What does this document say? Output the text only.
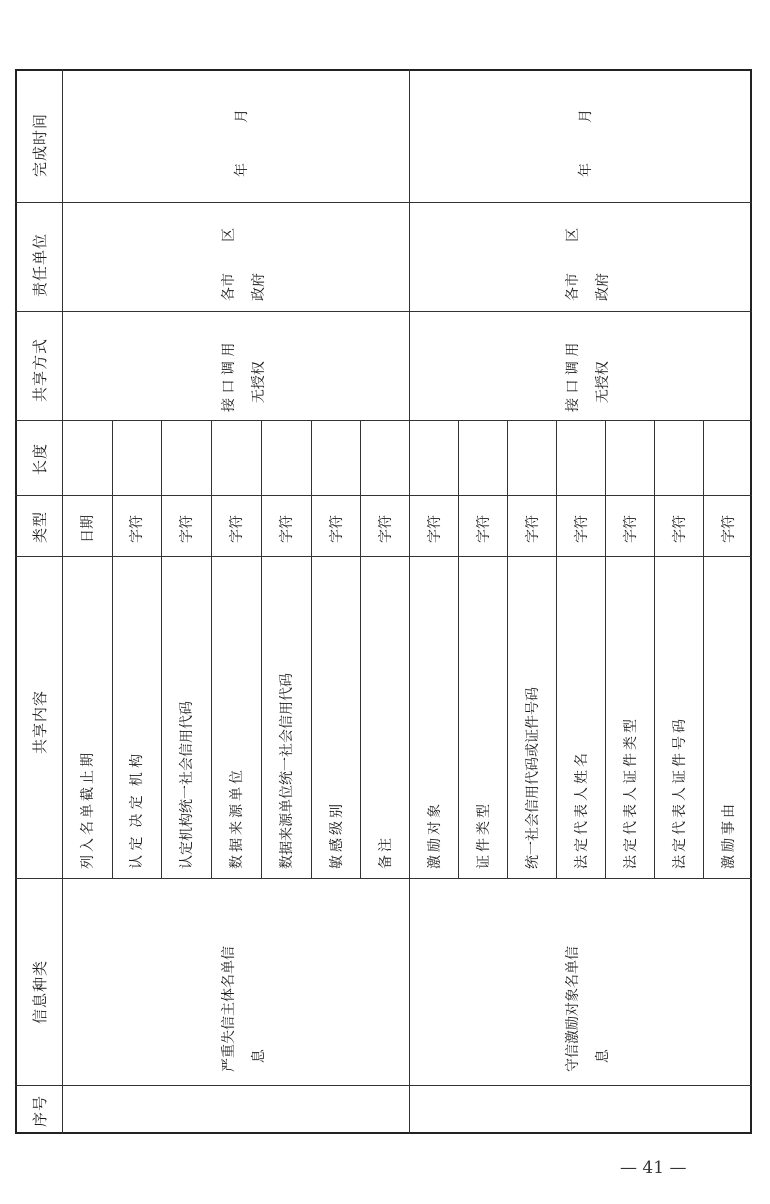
完成时间
责任单位
共享方式
长度
类型
共享内容
信息种类
序号
列入名单截止期
日期
认 定  决 定  机 构
字符
认定机构统一社会信用代码
字符
数据来源单位
字符
数据来源单位统一社会信用代码
字符
敏感级别
字符
备注
字符
接 口 调 用
无授权
各市       区
政府
年         月
严重失信主体名单信
息
激励对象
字符
证件类型
字符
统一社会信用代码或证件号码
字符
法定代表人姓名
字符
法定代表人证件类型
字符
法定代表人证件号码
字符
激励事由
字符
接 口 调 用
无授权
各市       区
政府
年         月
守信激励对象名单信
息
— 41 —
